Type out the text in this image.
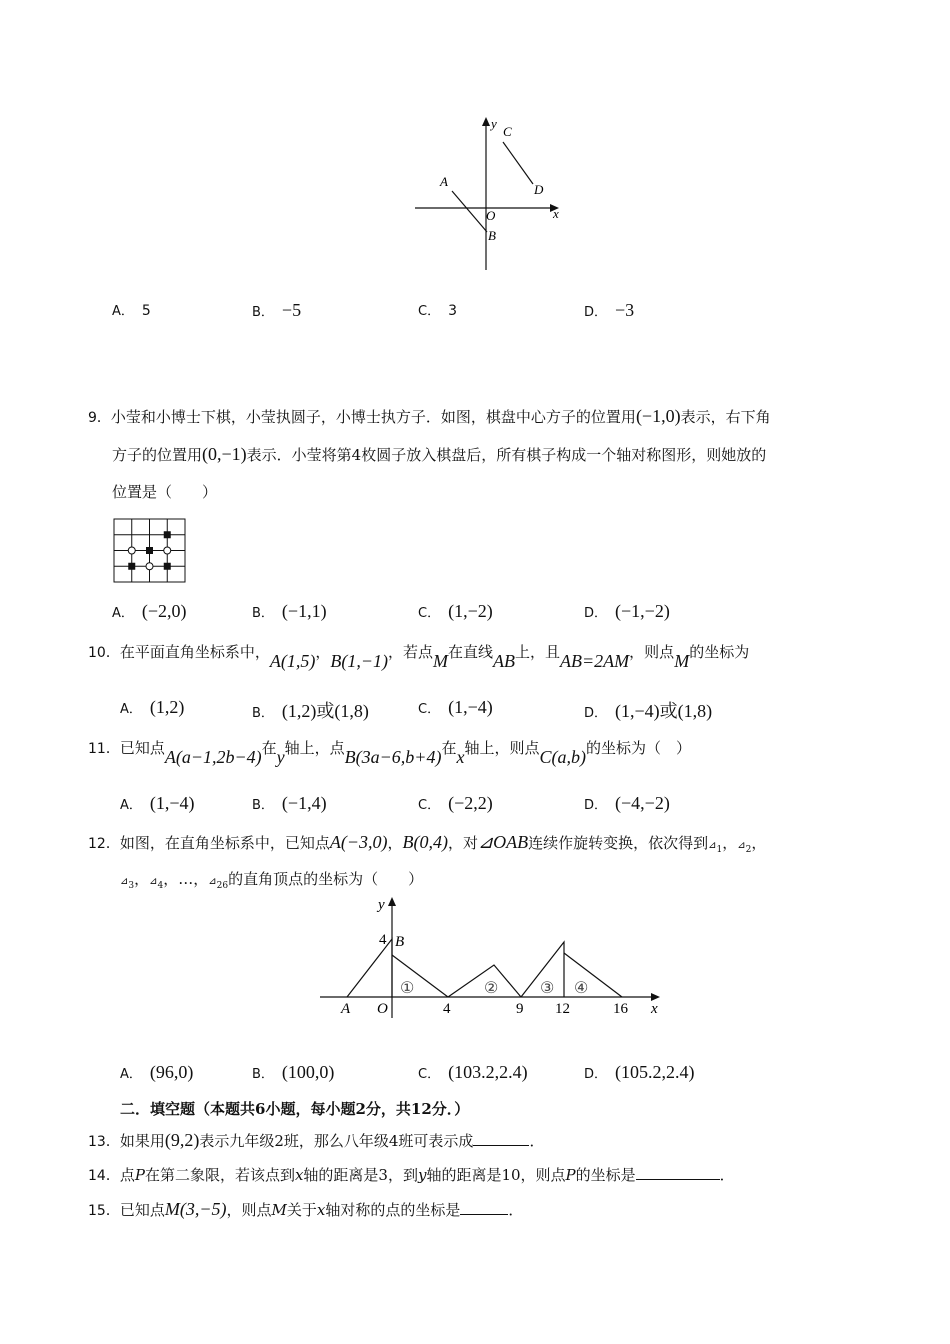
y
x
O
A
B
C
D
A． 5	B． −5	C． 3	D． −3
9．小莹和小博士下棋，小莹执圆子，小博士执方子．如图，棋盘中心方子的位置用(−1,0)表示，右下角
方子的位置用(0,−1)表示．小莹将第4枚圆子放入棋盘后，所有棋子构成一个轴对称图形，则她放的
位置是（　　）
A． (−2,0)	B． (−1,1)	C． (1,−2)	D． (−1,−2)
10．在平面直角坐标系中，A(1,5)，B(1,−1)，若点M在直线AB上，且AB=2AM，则点M的坐标为
A． (1,2)	B． (1,2)或(1,8)	C． (1,−4)	D． (1,−4)或(1,8)
11．已知点A(a−1,2b−4)在y轴上，点B(3a−6,b+4)在x轴上，则点C(a,b)的坐标为（　）
A． (1,−4)	B． (−1,4)	C． (−2,2)	D． (−4,−2)
12．如图，在直角坐标系中，已知点A(−3,0)，B(0,4)，对⊿OAB连续作旋转变换，依次得到$⊿_1$，$⊿_2$，
$⊿_3$，$⊿_4$，…，$⊿_{26}$的直角顶点的坐标为（　　）
y
x
O
A
B
4
4	9 12	16
①	②	③ ④
A． (96,0)	B． (100,0)	C． (103.2,2.4)	D． (105.2,2.4)
二．填空题（本题共6小题，每小题2分，共12分．）
13．如果用(9,2)表示九年级2班，那么八年级4班可表示成	．
14．点P在第二象限，若该点到x轴的距离是3，到y轴的距离是10，则点P的坐标是	．
15．已知点M(3,−5)，则点M关于x轴对称的点的坐标是	．
